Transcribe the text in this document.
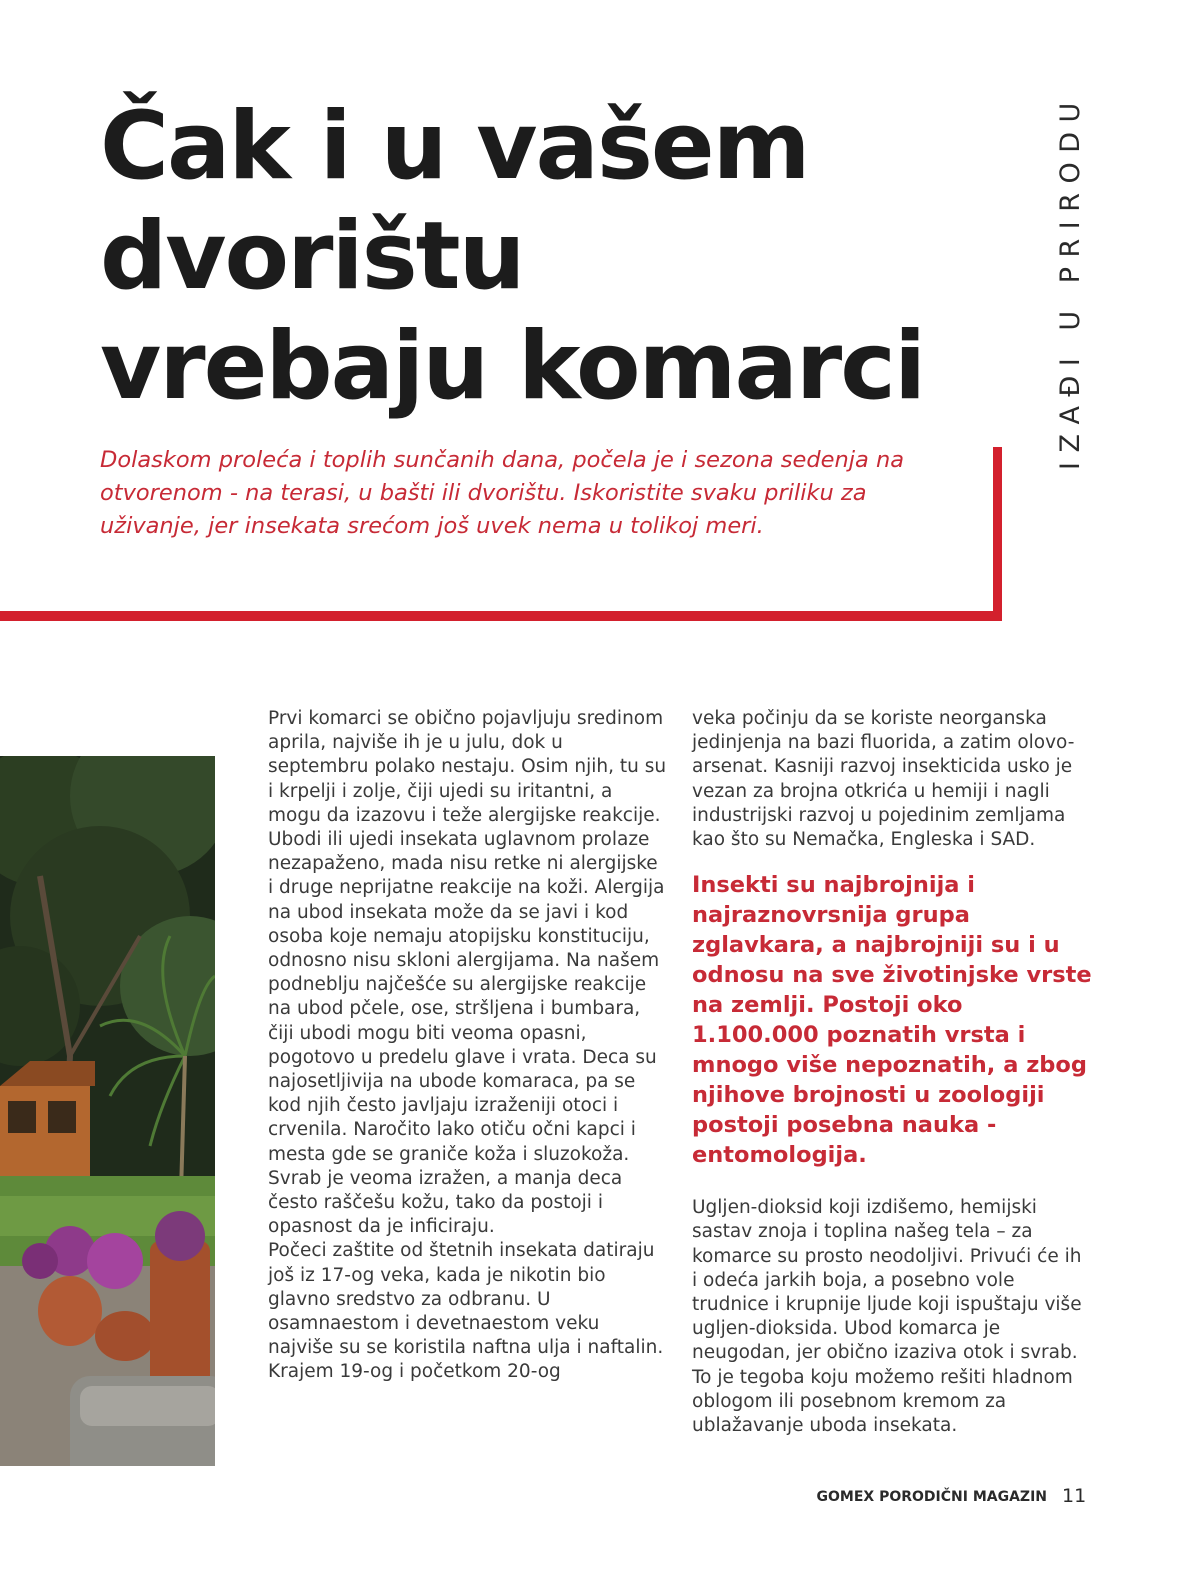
Čak i u vašem
dvorištu
vrebaju komarci	IZAĐI U PRIRODU

Dolaskom proleća i toplih sunčanih dana, počela je i sezona sedenja na otvorenom - na terasi, u bašti ili dvorištu. Iskoristite svaku priliku za uživanje, jer insekata srećom još uvek nema u tolikoj meri.

Prvi komarci se obično pojavljuju sredinom aprila, najviše ih je u julu, dok u septembru polako nestaju. Osim njih, tu su i krpelji i zolje, čiji ujedi su iritantni, a mogu da izazovu i teže alergijske reakcije.

Ubodi ili ujedi insekata uglavnom prolaze nezapaženo, mada nisu retke ni alergijske i druge neprijatne reakcije na koži. Alergija na ubod insekata može da se javi i kod osoba koje nemaju atopijsku konstituciju, odnosno nisu skloni alergijama. Na našem podneblju najčešće su alergijske reakcije na ubod pčele, ose, stršljena i bumbara, čiji ubodi mogu biti veoma opasni, pogotovo u predelu glave i vrata. Deca su najosetljivija na ubode komaraca, pa se kod njih često javljaju izraženiji otoci i crvenila. Naročito lako otiču očni kapci i mesta gde se graniče koža i sluzokoža. Svrab je veoma izražen, a manja deca često raščešu kožu, tako da postoji i opasnost da je inficiraju.

Počeci zaštite od štetnih insekata datiraju još iz 17-og veka, kada je nikotin bio glavno sredstvo za odbranu. U osamnaestom i devetnaestom veku najviše su se koristila naftna ulja i naftalin. Krajem 19-og i početkom 20-og

veka počinju da se koriste neorganska jedinjenja na bazi fluorida, a zatim olovo-arsenat. Kasniji razvoj insekticida usko je vezan za brojna otkrića u hemiji i nagli industrijski razvoj u pojedinim zemljama kao što su Nemačka, Engleska i SAD.

Insekti su najbrojnija i najraznovrsnija grupa zglavkara, a najbrojniji su i u odnosu na sve životinjske vrste na zemlji. Postoji oko 1.100.000 poznatih vrsta i mnogo više nepoznatih, a zbog njihove brojnosti u zoologiji postoji posebna nauka - entomologija.

Ugljen-dioksid koji izdišemo, hemijski sastav znoja i toplina našeg tela – za komarce su prosto neodoljivi. Privući će ih i odeća jarkih boja, a posebno vole trudnice i krupnije ljude koji ispuštaju više ugljen-dioksida. Ubod komarca je neugodan, jer obično izaziva otok i svrab. To je tegoba koju možemo rešiti hladnom oblogom ili posebnom kremom za ublažavanje uboda insekata.

GOMEX PORODIČNI MAGAZIN 11
